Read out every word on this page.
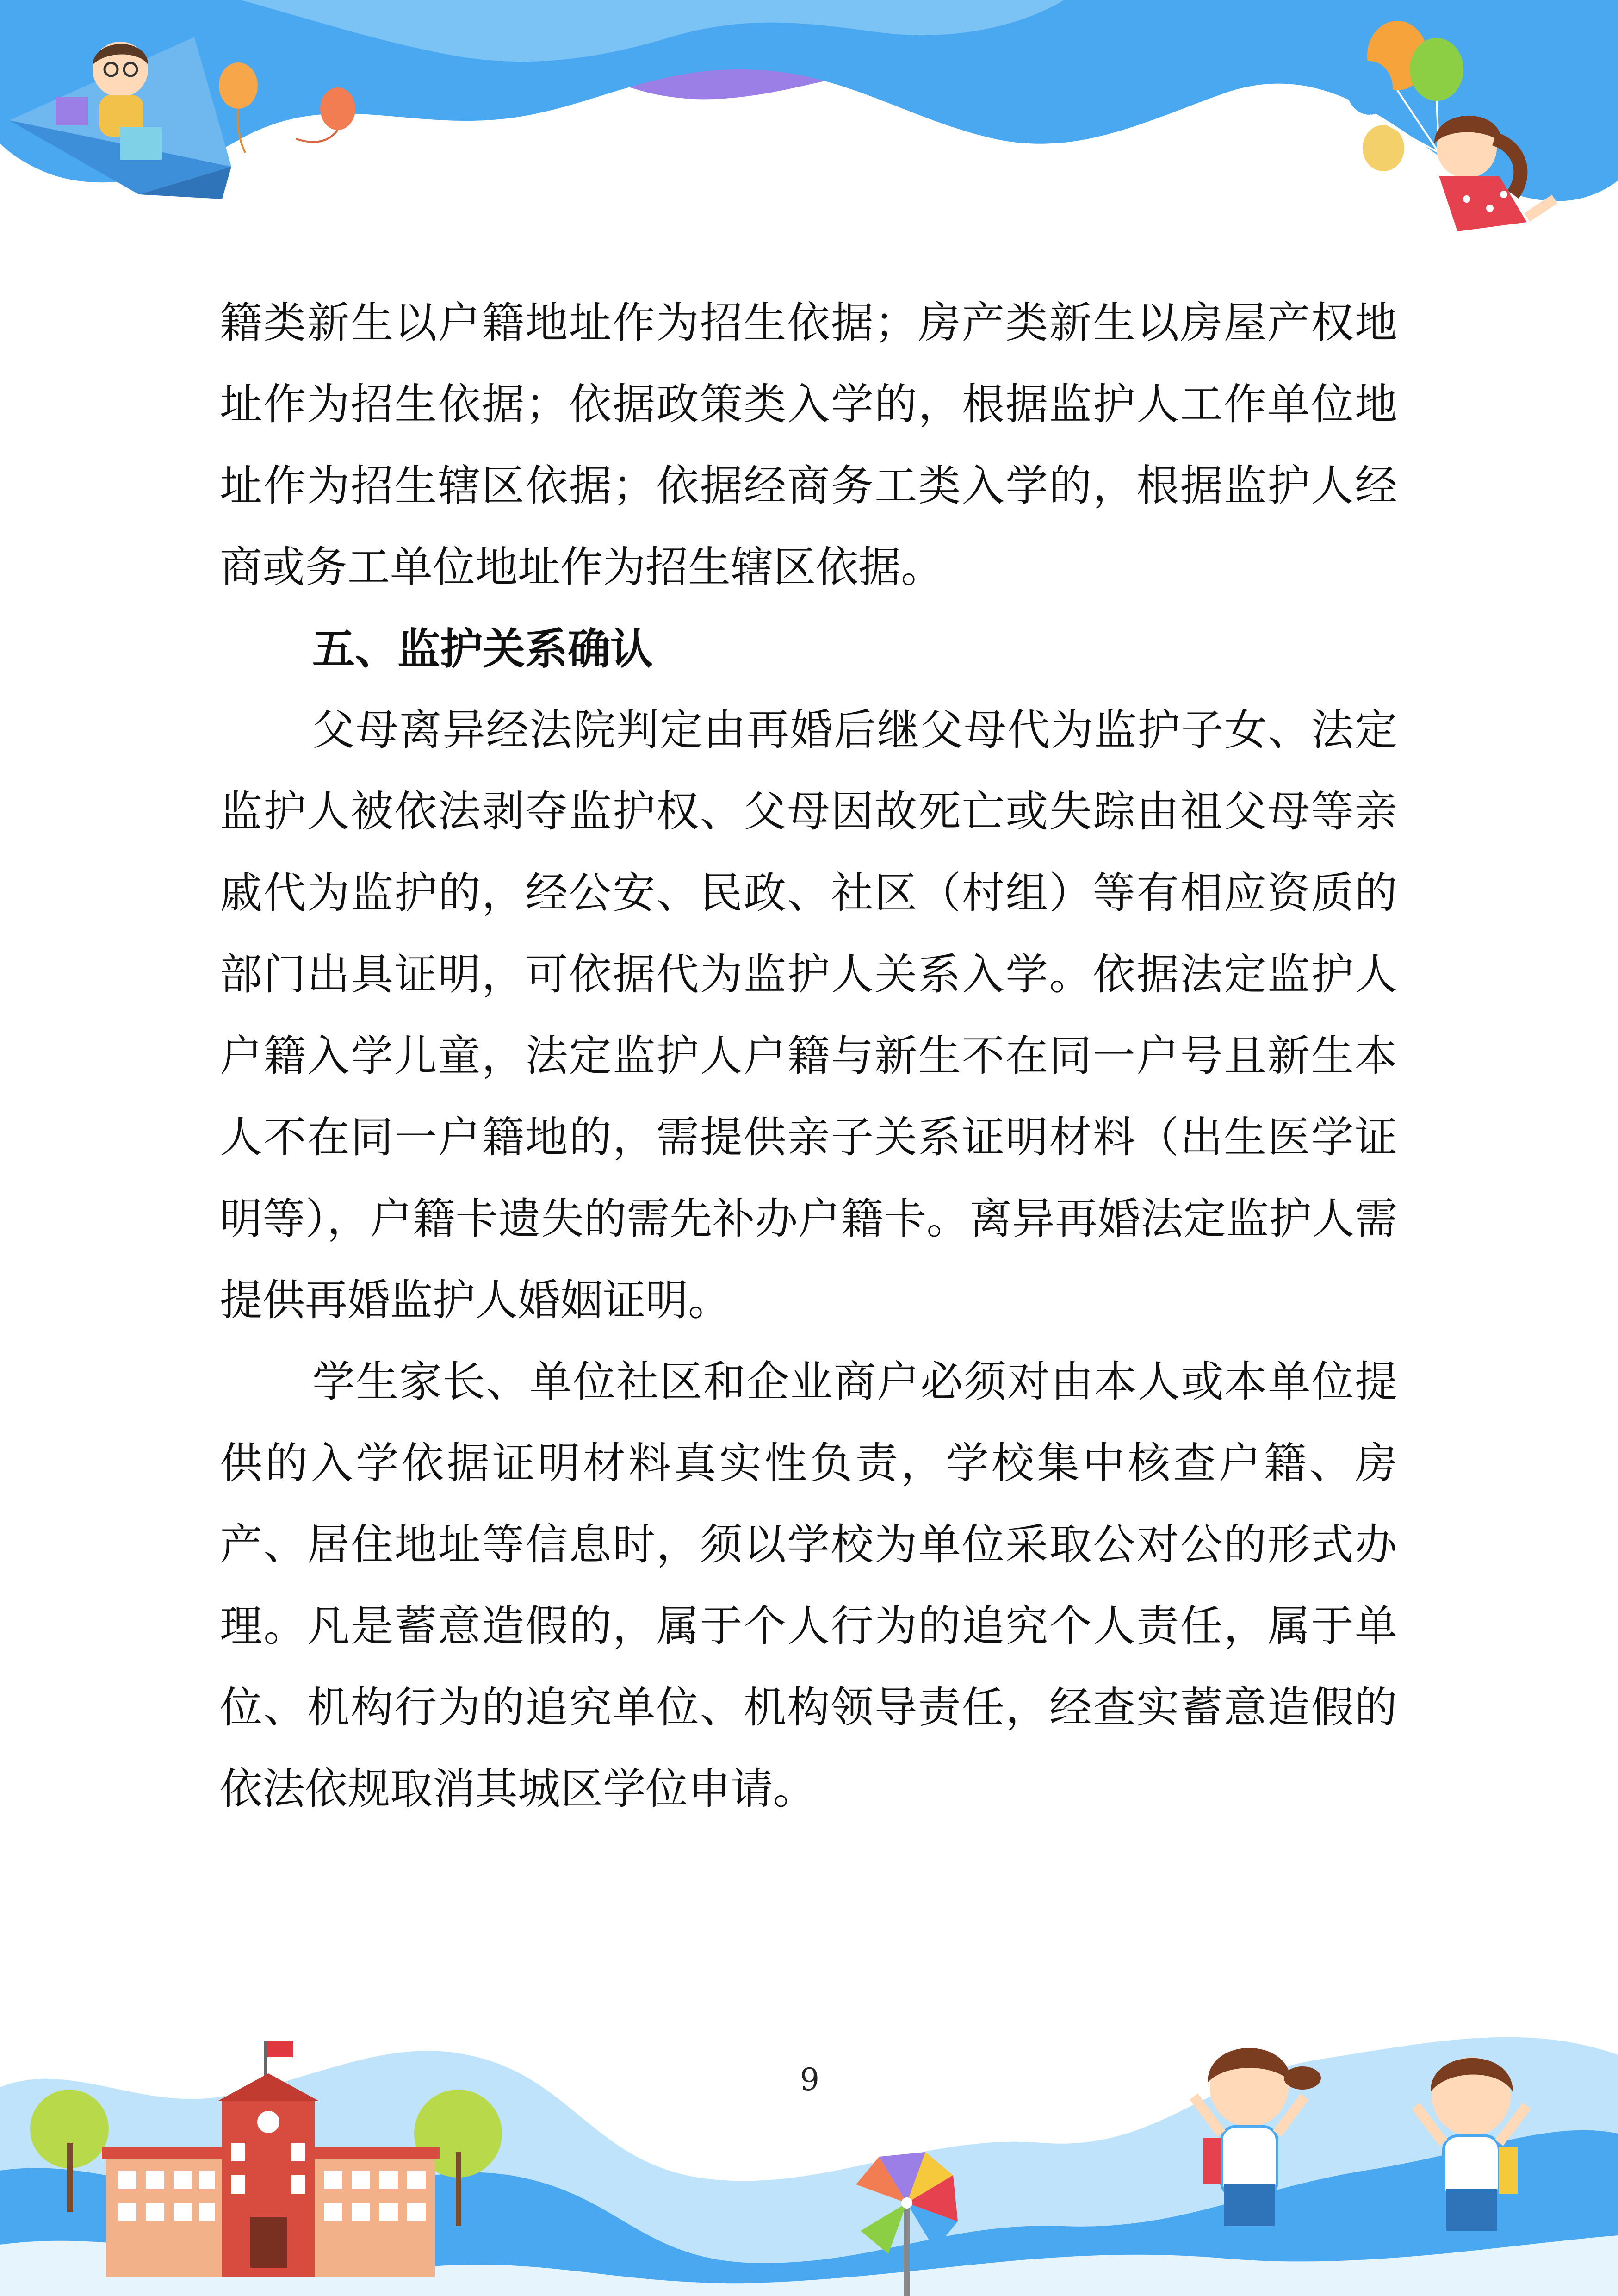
籍类新生以户籍地址作为招生依据；房产类新生以房屋产权地址作为招生依据；依据政策类入学的，根据监护人工作单位地址作为招生辖区依据；依据经商务工类入学的，根据监护人经商或务工单位地址作为招生辖区依据。

五、监护关系确认

父母离异经法院判定由再婚后继父母代为监护子女、法定监护人被依法剥夺监护权、父母因故死亡或失踪由祖父母等亲戚代为监护的，经公安、民政、社区（村组）等有相应资质的部门出具证明，可依据代为监护人关系入学。依据法定监护人户籍入学儿童，法定监护人户籍与新生不在同一户号且新生本人不在同一户籍地的，需提供亲子关系证明材料（出生医学证明等），户籍卡遗失的需先补办户籍卡。离异再婚法定监护人需提供再婚监护人婚姻证明。

学生家长、单位社区和企业商户必须对由本人或本单位提供的入学依据证明材料真实性负责，学校集中核查户籍、房产、居住地址等信息时，须以学校为单位采取公对公的形式办理。凡是蓄意造假的，属于个人行为的追究个人责任，属于单位、机构行为的追究单位、机构领导责任，经查实蓄意造假的依法依规取消其城区学位申请。

9
